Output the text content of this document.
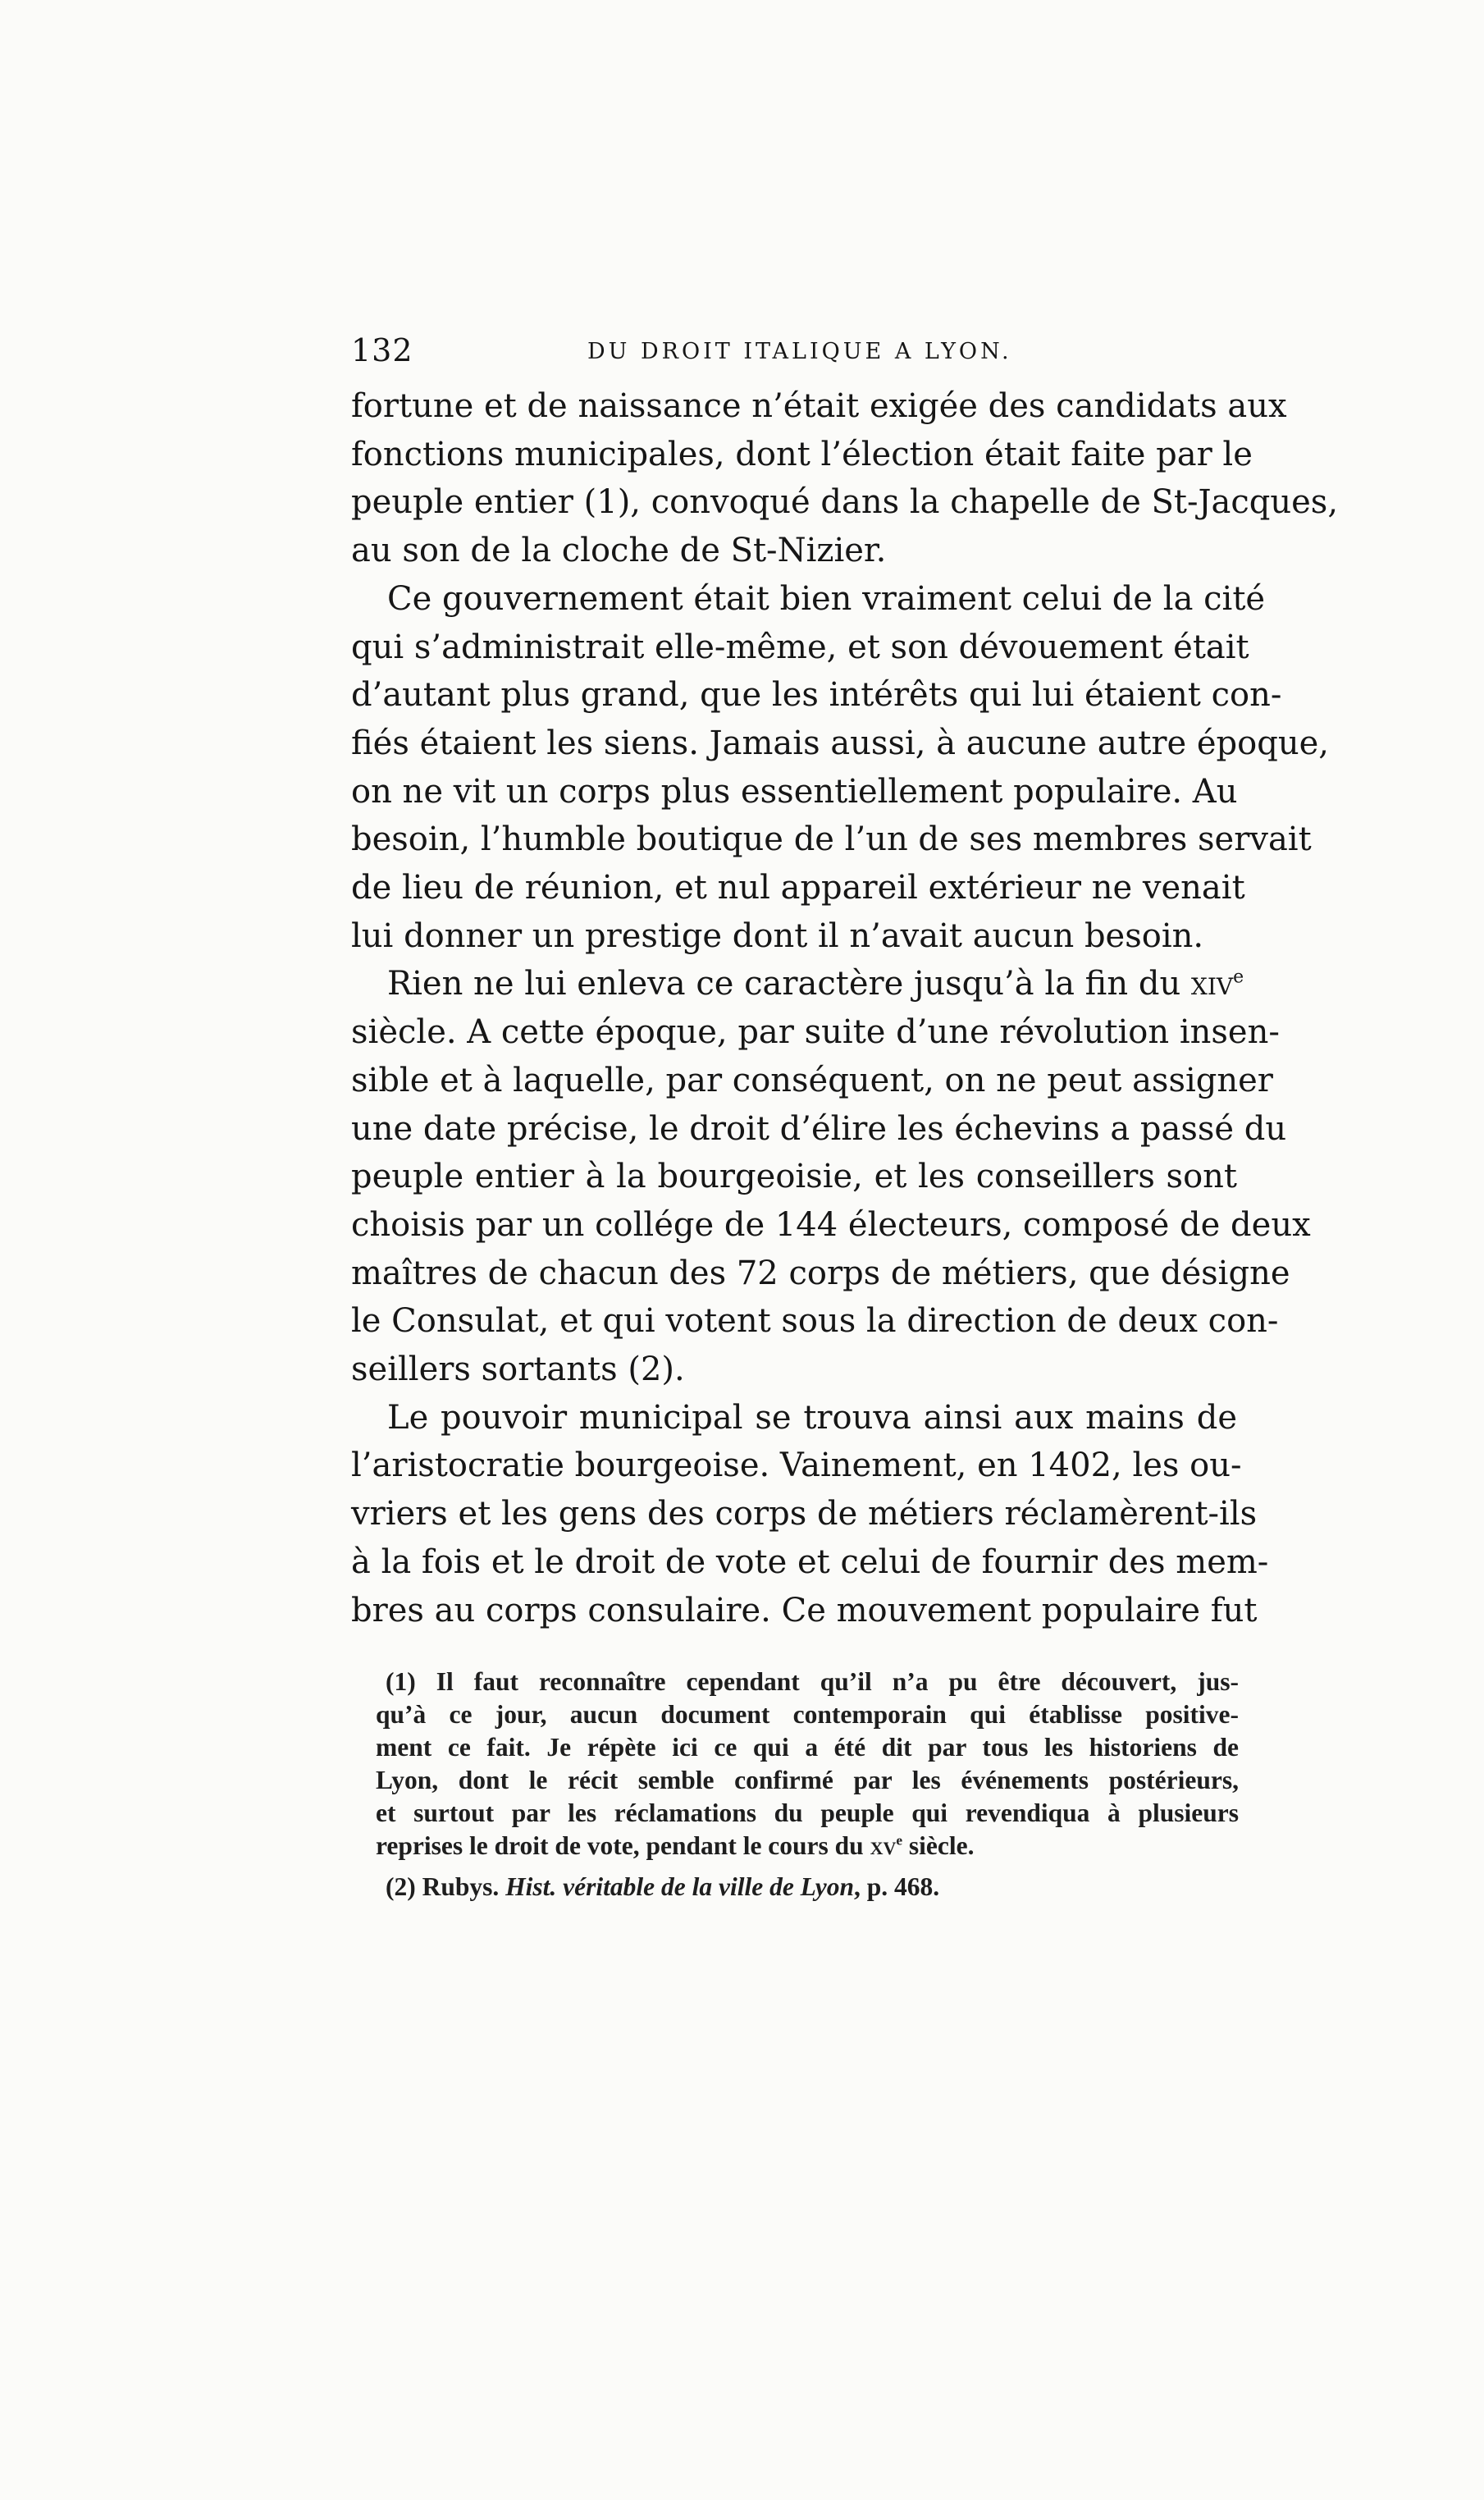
132	DU DROIT ITALIQUE A LYON.

fortune et de naissance n’était exigée des candidats aux
fonctions municipales, dont l’élection était faite par le
peuple entier (1), convoqué dans la chapelle de St-Jacques,
au son de la cloche de St-Nizier.

Ce gouvernement était bien vraiment celui de la cité
qui s’administrait elle-même, et son dévouement était
d’autant plus grand, que les intérêts qui lui étaient con-
fiés étaient les siens. Jamais aussi, à aucune autre époque,
on ne vit un corps plus essentiellement populaire. Au
besoin, l’humble boutique de l’un de ses membres servait
de lieu de réunion, et nul appareil extérieur ne venait
lui donner un prestige dont il n’avait aucun besoin.

Rien ne lui enleva ce caractère jusqu’à la fin du xiv$^e$
siècle. A cette époque, par suite d’une révolution insen-
sible et à laquelle, par conséquent, on ne peut assigner
une date précise, le droit d’élire les échevins a passé du
peuple entier à la bourgeoisie, et les conseillers sont
choisis par un collége de 144 électeurs, composé de deux
maîtres de chacun des 72 corps de métiers, que désigne
le Consulat, et qui votent sous la direction de deux con-
seillers sortants (2).

Le pouvoir municipal se trouva ainsi aux mains de
l’aristocratie bourgeoise. Vainement, en 1402, les ou-
vriers et les gens des corps de métiers réclamèrent-ils
à la fois et le droit de vote et celui de fournir des mem-
bres au corps consulaire. Ce mouvement populaire fut

(1) Il faut reconnaître cependant qu’il n’a pu être découvert, jus-
qu’à ce jour, aucun document contemporain qui établisse positive-
ment ce fait. Je répète ici ce qui a été dit par tous les historiens de
Lyon, dont le récit semble confirmé par les événements postérieurs,
et surtout par les réclamations du peuple qui revendiqua à plusieurs
reprises le droit de vote, pendant le cours du $xv^e$ siècle.

(2) Rubys. Hist. véritable de la ville de Lyon, p. 468.
